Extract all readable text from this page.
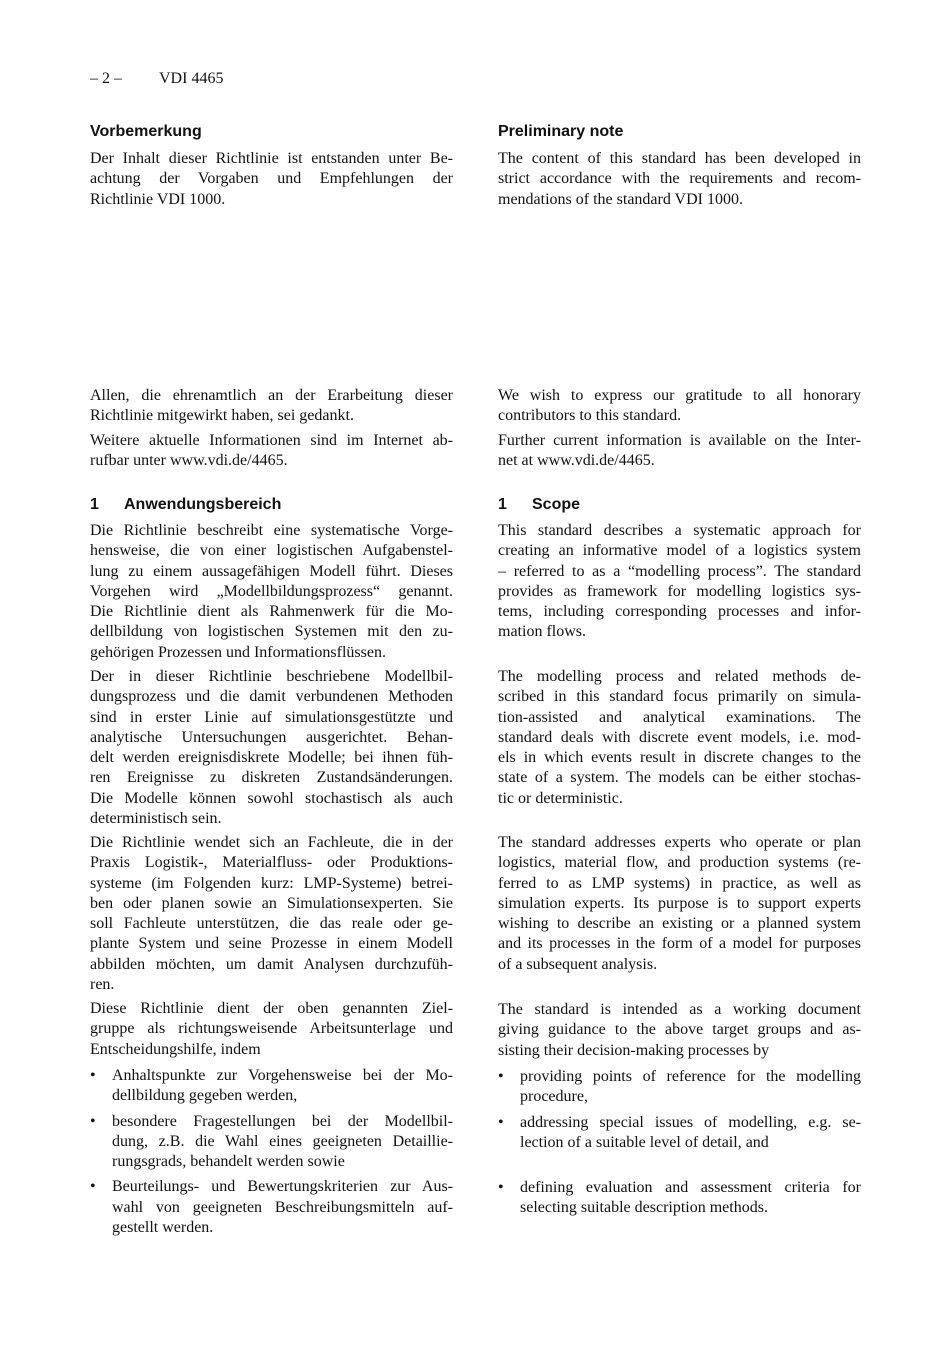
– 2 – VDI 4465
Vorbemerkung
Der Inhalt dieser Richtlinie ist entstanden unter Be-
achtung der Vorgaben und Empfehlungen der
Richtlinie VDI 1000.
Allen, die ehrenamtlich an der Erarbeitung dieser
Richtlinie mitgewirkt haben, sei gedankt.
Weitere aktuelle Informationen sind im Internet ab-
rufbar unter www.vdi.de/4465.
1 Anwendungsbereich
Die Richtlinie beschreibt eine systematische Vorge-
hensweise, die von einer logistischen Aufgabenstel-
lung zu einem aussagefähigen Modell führt. Dieses
Vorgehen wird „Modellbildungsprozess“ genannt.
Die Richtlinie dient als Rahmenwerk für die Mo-
dellbildung von logistischen Systemen mit den zu-
gehörigen Prozessen und Informationsflüssen.
Der in dieser Richtlinie beschriebene Modellbil-
dungsprozess und die damit verbundenen Methoden
sind in erster Linie auf simulationsgestützte und
analytische Untersuchungen ausgerichtet. Behan-
delt werden ereignisdiskrete Modelle; bei ihnen füh-
ren Ereignisse zu diskreten Zustandsänderungen.
Die Modelle können sowohl stochastisch als auch
deterministisch sein.
Die Richtlinie wendet sich an Fachleute, die in der
Praxis Logistik-, Materialfluss- oder Produktions-
systeme (im Folgenden kurz: LMP-Systeme) betrei-
ben oder planen sowie an Simulationsexperten. Sie
soll Fachleute unterstützen, die das reale oder ge-
plante System und seine Prozesse in einem Modell
abbilden möchten, um damit Analysen durchzufüh-
ren.
Diese Richtlinie dient der oben genannten Ziel-
gruppe als richtungsweisende Arbeitsunterlage und
Entscheidungshilfe, indem
• Anhaltspunkte zur Vorgehensweise bei der Mo-
dellbildung gegeben werden,
• besondere Fragestellungen bei der Modellbil-
dung, z.B. die Wahl eines geeigneten Detaillie-
rungsgrads, behandelt werden sowie
• Beurteilungs- und Bewertungskriterien zur Aus-
wahl von geeigneten Beschreibungsmitteln auf-
gestellt werden.
Preliminary note
The content of this standard has been developed in
strict accordance with the requirements and recom-
mendations of the standard VDI 1000.
We wish to express our gratitude to all honorary
contributors to this standard.
Further current information is available on the Inter-
net at www.vdi.de/4465.
1 Scope
This standard describes a systematic approach for
creating an informative model of a logistics system
– referred to as a “modelling process”. The standard
provides as framework for modelling logistics sys-
tems, including corresponding processes and infor-
mation flows.
The modelling process and related methods de-
scribed in this standard focus primarily on simula-
tion-assisted and analytical examinations. The
standard deals with discrete event models, i.e. mod-
els in which events result in discrete changes to the
state of a system. The models can be either stochas-
tic or deterministic.
The standard addresses experts who operate or plan
logistics, material flow, and production systems (re-
ferred to as LMP systems) in practice, as well as
simulation experts. Its purpose is to support experts
wishing to describe an existing or a planned system
and its processes in the form of a model for purposes
of a subsequent analysis.
The standard is intended as a working document
giving guidance to the above target groups and as-
sisting their decision-making processes by
• providing points of reference for the modelling
procedure,
• addressing special issues of modelling, e.g. se-
lection of a suitable level of detail, and
• defining evaluation and assessment criteria for
selecting suitable description methods.
